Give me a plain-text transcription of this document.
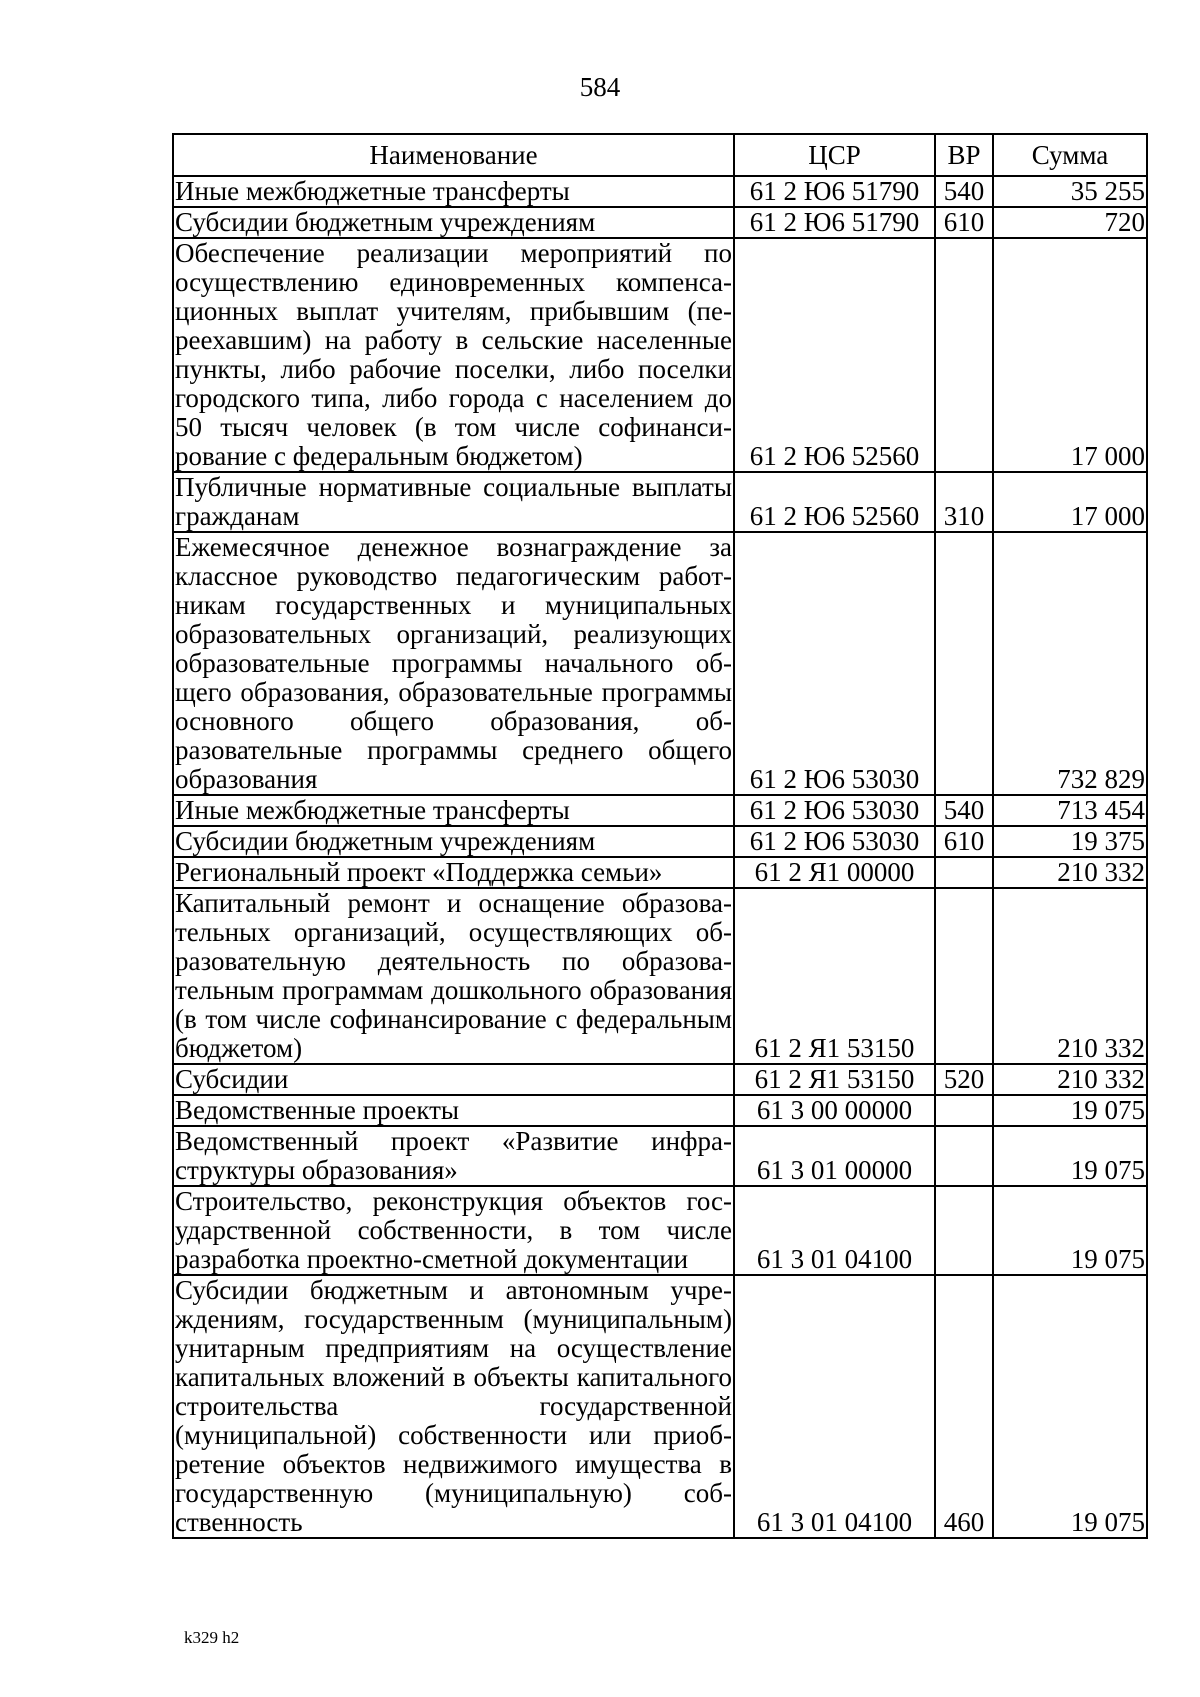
584
Наименование	ЦСР	ВР	Сумма
Иные межбюджетные трансферты	61 2 Ю6 51790	540	35 255
Субсидии бюджетным учреждениям	61 2 Ю6 51790	610	720
Обеспечение реализации мероприятий по осуществлению единовременных компенсационных выплат учителям, прибывшим (переехавшим) на работу в сельские населенные пункты, либо рабочие поселки, либо поселки городского типа, либо города с населением до 50 тысяч человек (в том числе софинансирование с федеральным бюджетом)	61 2 Ю6 52560		17 000
Публичные нормативные социальные выплаты гражданам	61 2 Ю6 52560	310	17 000
Ежемесячное денежное вознаграждение за классное руководство педагогическим работникам государственных и муниципальных образовательных организаций, реализующих образовательные программы начального общего образования, образовательные программы основного общего образования, образовательные программы среднего общего образования	61 2 Ю6 53030		732 829
Иные межбюджетные трансферты	61 2 Ю6 53030	540	713 454
Субсидии бюджетным учреждениям	61 2 Ю6 53030	610	19 375
Региональный проект «Поддержка семьи»	61 2 Я1 00000		210 332
Капитальный ремонт и оснащение образовательных организаций, осуществляющих образовательную деятельность по образовательным программам дошкольного образования (в том числе софинансирование с федеральным бюджетом)	61 2 Я1 53150		210 332
Субсидии	61 2 Я1 53150	520	210 332
Ведомственные проекты	61 3 00 00000		19 075
Ведомственный проект «Развитие инфраструктуры образования»	61 3 01 00000		19 075
Строительство, реконструкция объектов государственной собственности, в том числе разработка проектно-сметной документации	61 3 01 04100		19 075
Субсидии бюджетным и автономным учреждениям, государственным (муниципальным) унитарным предприятиям на осуществление капитальных вложений в объекты капитального строительства государственной (муниципальной) собственности или приобретение объектов недвижимого имущества в государственную (муниципальную) собственность	61 3 01 04100	460	19 075
k329 h2
